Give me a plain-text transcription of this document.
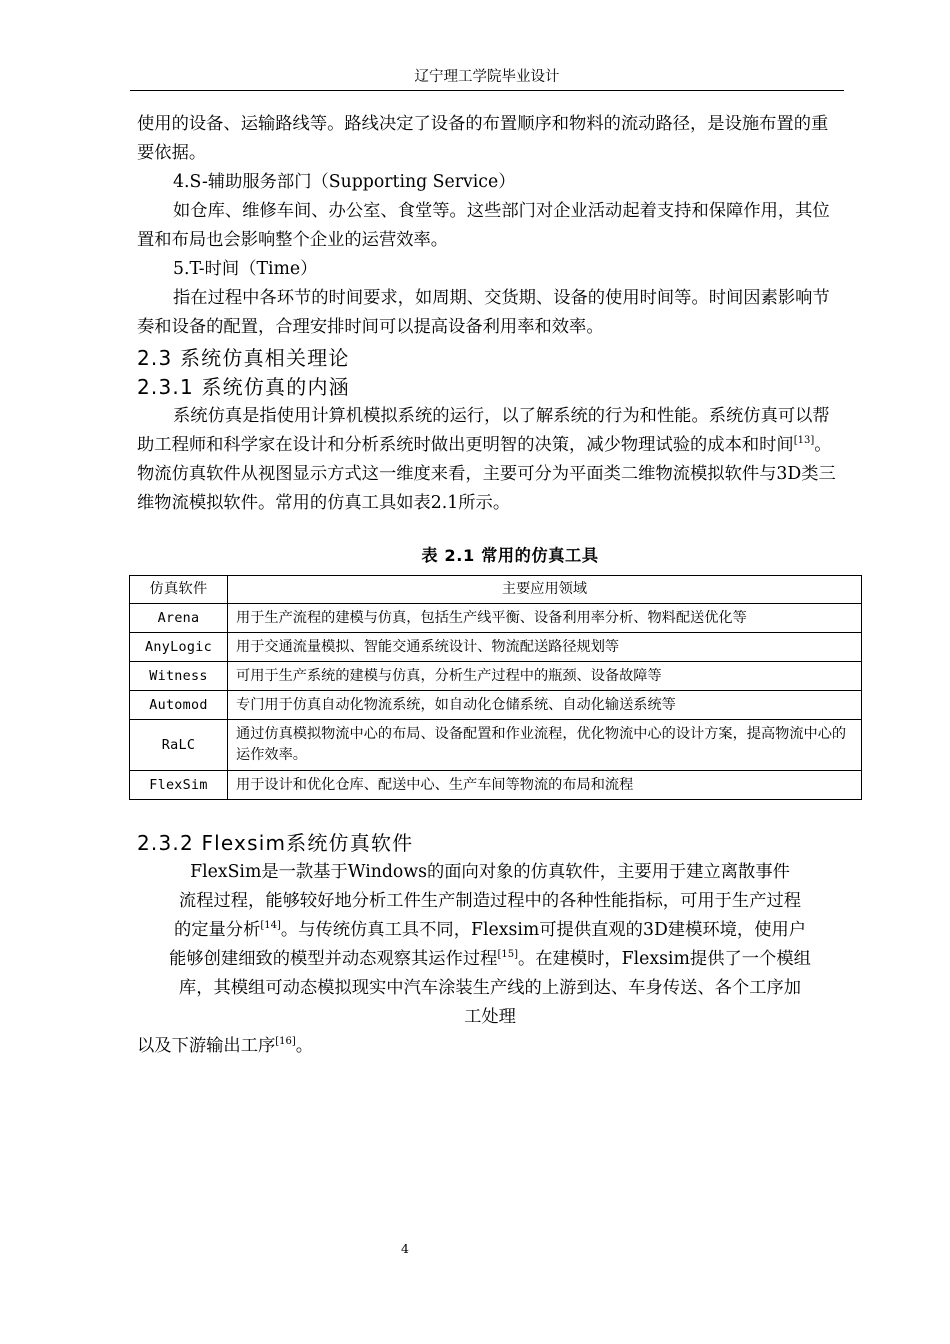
辽宁理工学院毕业设计

使用的设备、运输路线等。路线决定了设备的布置顺序和物料的流动路径，是设施布置的重要依据。

4.S-辅助服务部门（Supporting Service）

如仓库、维修车间、办公室、食堂等。这些部门对企业活动起着支持和保障作用，其位置和布局也会影响整个企业的运营效率。

5.T-时间（Time）

指在过程中各环节的时间要求，如周期、交货期、设备的使用时间等。时间因素影响节奏和设备的配置，合理安排时间可以提高设备利用率和效率。

2.3 系统仿真相关理论
2.3.1 系统仿真的内涵

系统仿真是指使用计算机模拟系统的运行，以了解系统的行为和性能。系统仿真可以帮助工程师和科学家在设计和分析系统时做出更明智的决策，减少物理试验的成本和时间[13]。物流仿真软件从视图显示方式这一维度来看，主要可分为平面类二维物流模拟软件与3D类三维物流模拟软件。常用的仿真工具如表2.1所示。

表 2.1 常用的仿真工具
仿真软件	主要应用领域
Arena	用于生产流程的建模与仿真，包括生产线平衡、设备利用率分析、物料配送优化等
AnyLogic	用于交通流量模拟、智能交通系统设计、物流配送路径规划等
Witness	可用于生产系统的建模与仿真，分析生产过程中的瓶颈、设备故障等
Automod	专门用于仿真自动化物流系统，如自动化仓储系统、自动化输送系统等
RaLC	通过仿真模拟物流中心的布局、设备配置和作业流程，优化物流中心的设计方案，提高物流中心的运作效率。
FlexSim	用于设计和优化仓库、配送中心、生产车间等物流的布局和流程
2.3.2 Flexsim系统仿真软件

FlexSim是一款基于Windows的面向对象的仿真软件，主要用于建立离散事件

流程过程，能够较好地分析工件生产制造过程中的各种性能指标，可用于生产过程

的定量分析[14]。与传统仿真工具不同，Flexsim可提供直观的3D建模环境，使用户

能够创建细致的模型并动态观察其运作过程[15]。在建模时，Flexsim提供了一个模组

库，其模组可动态模拟现实中汽车涂装生产线的上游到达、车身传送、各个工序加

工处理

以及下游输出工序[16]。

4
